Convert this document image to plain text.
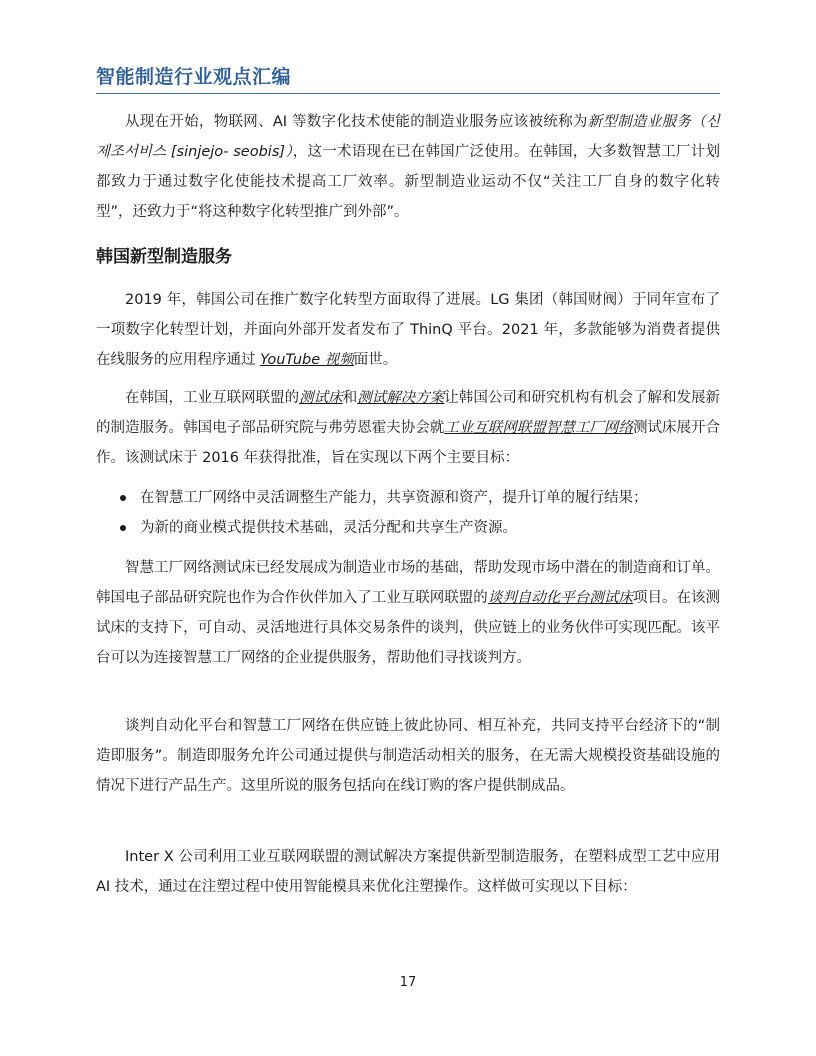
智能制造行业观点汇编

从现在开始，物联网、AI 等数字化技术使能的制造业服务应该被统称为新型制造业服务（신제조서비스 [sinjejo- seobis]），这一术语现在已在韩国广泛使用。在韩国，大多数智慧工厂计划都致力于通过数字化使能技术提高工厂效率。新型制造业运动不仅“关注工厂自身的数字化转型”，还致力于“将这种数字化转型推广到外部”。

韩国新型制造服务

2019 年，韩国公司在推广数字化转型方面取得了进展。LG 集团（韩国财阀）于同年宣布了一项数字化转型计划，并面向外部开发者发布了 ThinQ 平台。2021 年，多款能够为消费者提供在线服务的应用程序通过 YouTube 视频面世。

在韩国，工业互联网联盟的测试床和测试解决方案让韩国公司和研究机构有机会了解和发展新的制造服务。韩国电子部品研究院与弗劳恩霍夫协会就工业互联网联盟智慧工厂网络测试床展开合作。该测试床于 2016 年获得批准，旨在实现以下两个主要目标：

在智慧工厂网络中灵活调整生产能力，共享资源和资产，提升订单的履行结果；
为新的商业模式提供技术基础，灵活分配和共享生产资源。

智慧工厂网络测试床已经发展成为制造业市场的基础，帮助发现市场中潜在的制造商和订单。韩国电子部品研究院也作为合作伙伴加入了工业互联网联盟的谈判自动化平台测试床项目。在该测试床的支持下，可自动、灵活地进行具体交易条件的谈判，供应链上的业务伙伴可实现匹配。该平台可以为连接智慧工厂网络的企业提供服务，帮助他们寻找谈判方。

谈判自动化平台和智慧工厂网络在供应链上彼此协同、相互补充，共同支持平台经济下的“制造即服务”。制造即服务允许公司通过提供与制造活动相关的服务，在无需大规模投资基础设施的情况下进行产品生产。这里所说的服务包括向在线订购的客户提供制成品。

Inter X 公司利用工业互联网联盟的测试解决方案提供新型制造服务，在塑料成型工艺中应用 AI 技术，通过在注塑过程中使用智能模具来优化注塑操作。这样做可实现以下目标：

17
